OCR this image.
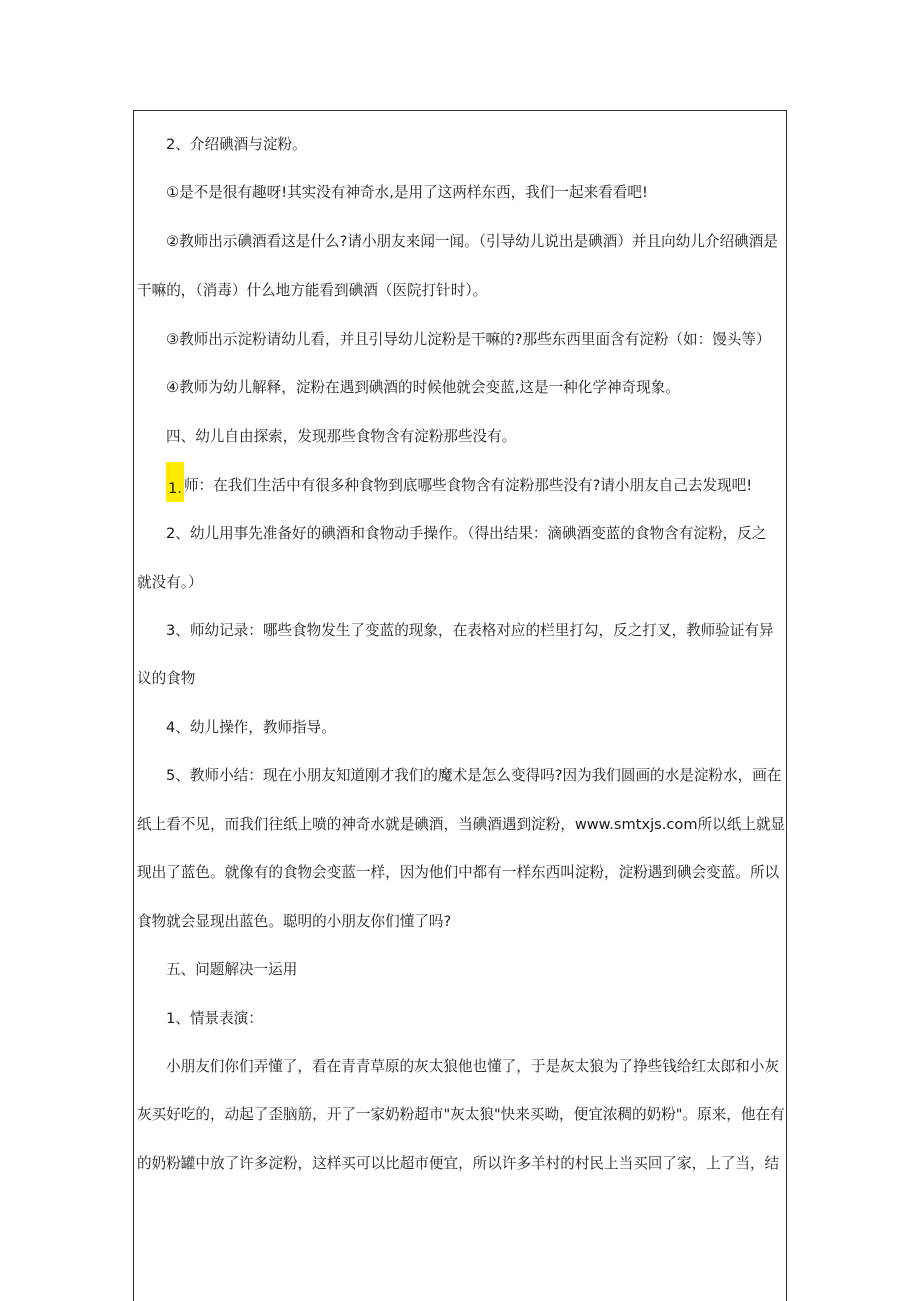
2、介绍碘酒与淀粉。
①是不是很有趣呀!其实没有神奇水,是用了这两样东西，我们一起来看看吧!
②教师出示碘酒看这是什么?请小朋友来闻一闻。（引导幼儿说出是碘酒）并且向幼儿介绍碘酒是
干嘛的，（消毒）什么地方能看到碘酒（医院打针时）。
③教师出示淀粉请幼儿看，并且引导幼儿淀粉是干嘛的?那些东西里面含有淀粉（如：馒头等）
④教师为幼儿解释，淀粉在遇到碘酒的时候他就会变蓝,这是一种化学神奇现象。
四、幼儿自由探索，发现那些食物含有淀粉那些没有。
1. 师：在我们生活中有很多种食物到底哪些食物含有淀粉那些没有?请小朋友自己去发现吧!
2、幼儿用事先准备好的碘酒和食物动手操作。（得出结果：滴碘酒变蓝的食物含有淀粉，反之
就没有。）
3、师幼记录：哪些食物发生了变蓝的现象，在表格对应的栏里打勾，反之打叉，教师验证有异
议的食物
4、幼儿操作，教师指导。
5、教师小结：现在小朋友知道刚才我们的魔术是怎么变得吗?因为我们圆画的水是淀粉水，画在
纸上看不见，而我们往纸上喷的神奇水就是碘酒，当碘酒遇到淀粉，www.smtxjs.com所以纸上就显
现出了蓝色。就像有的食物会变蓝一样，因为他们中都有一样东西叫淀粉，淀粉遇到碘会变蓝。所以
食物就会显现出蓝色。聪明的小朋友你们懂了吗?
五、问题解决一运用
1、情景表演：
小朋友们你们弄懂了，看在青青草原的灰太狼他也懂了，于是灰太狼为了挣些钱给红太郎和小灰
灰买好吃的，动起了歪脑筋，开了一家奶粉超市"灰太狼"快来买呦，便宜浓稠的奶粉"。原来，他在有
的奶粉罐中放了许多淀粉，这样买可以比超市便宜，所以许多羊村的村民上当买回了家，上了当，结
